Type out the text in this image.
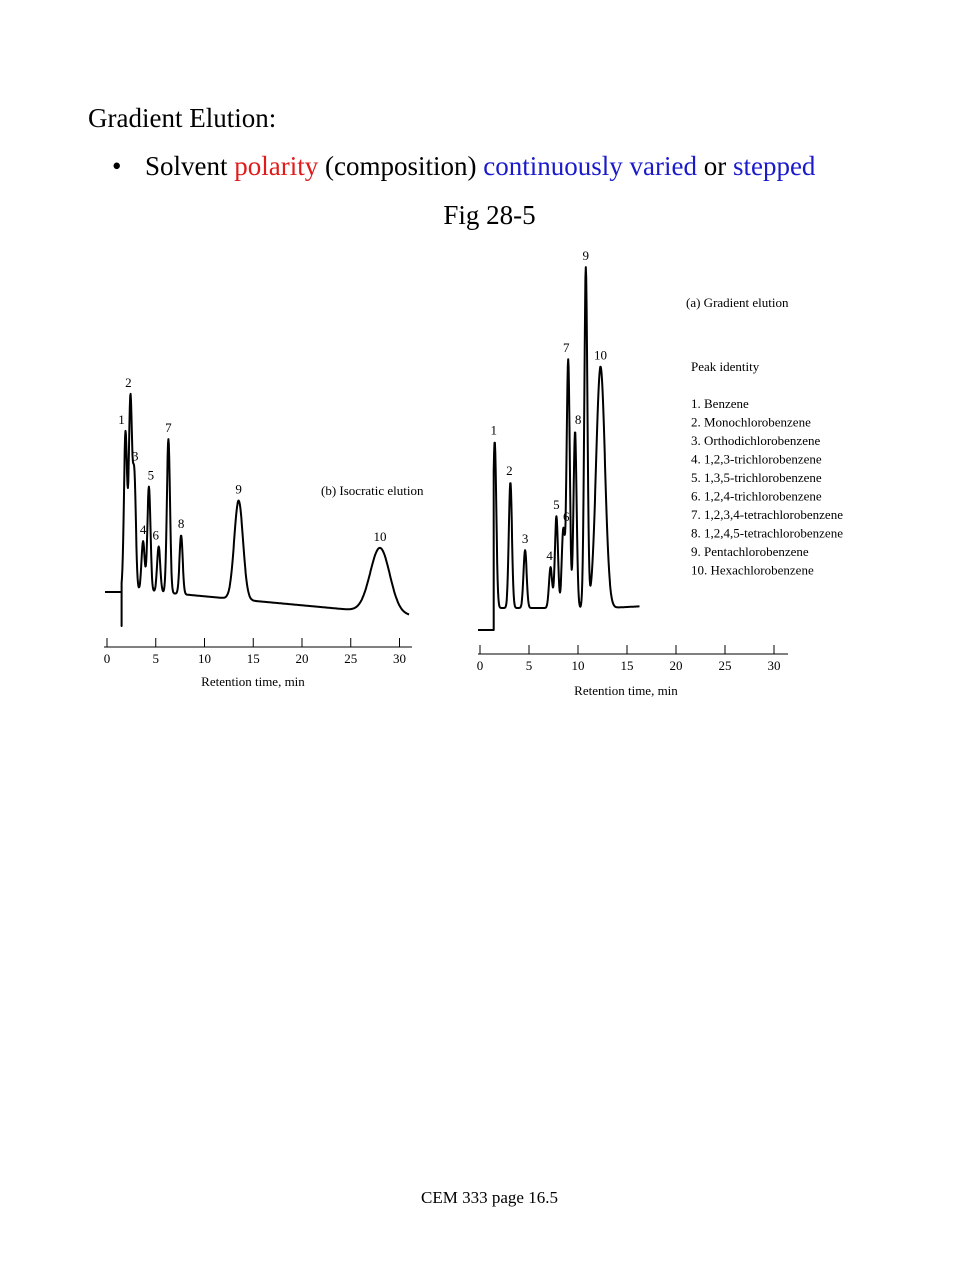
Gradient Elution:
• Solvent polarity (composition) continuously varied or stepped
Fig 28-5
1
2
3
4
5
6
7
8
9
10
0	5	10	15	20	25	30
(b) Isocratic elution
Retention time, min
1
2
3
4
5
6
7
8
9
10
0	5	10	15	20	25	30
(a) Gradient elution
Retention time, min
Peak identity
1. Benzene
2. Monochlorobenzene
3. Orthodichlorobenzene
4. 1,2,3-trichlorobenzene
5. 1,3,5-trichlorobenzene
6. 1,2,4-trichlorobenzene
7. 1,2,3,4-tetrachlorobenzene
8. 1,2,4,5-tetrachlorobenzene
9. Pentachlorobenzene
10. Hexachlorobenzene
CEM 333 page 16.5
